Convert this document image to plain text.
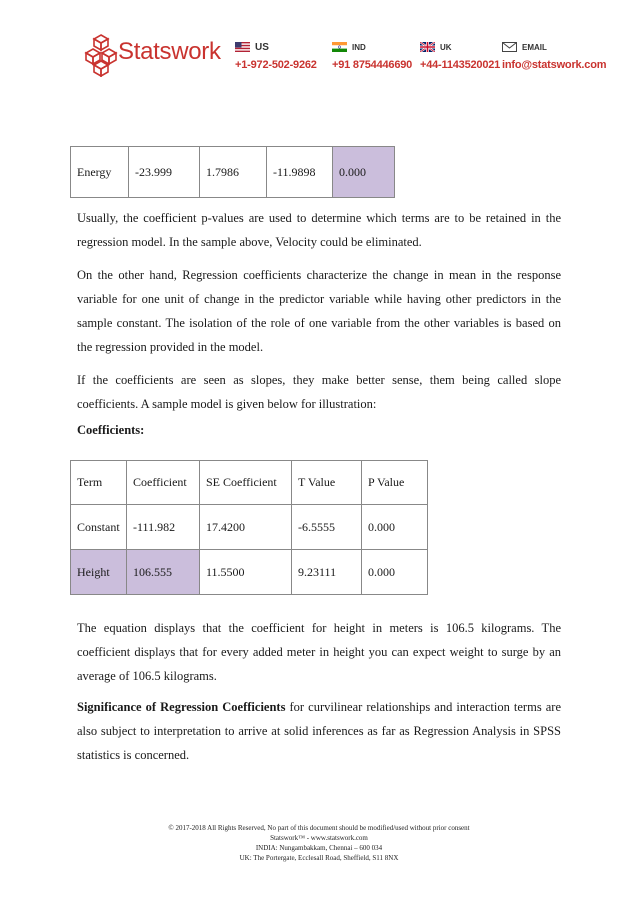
Statswork	US
+1-972-502-9262
IND
+91 8754446690
UK
+44-1143520021
EMAIL
info@statswork.com
Energy	-23.999	1.7986	-11.9898	0.000

Usually, the coefficient p-values are used to determine which terms are to be retained in the regression model. In the sample above, Velocity could be eliminated.

On the other hand, Regression coefficients characterize the change in mean in the response variable for one unit of change in the predictor variable while having other predictors in the sample constant. The isolation of the role of one variable from the other variables is based on the regression provided in the model.

If the coefficients are seen as slopes, they make better sense, them being called slope coefficients. A sample model is given below for illustration:

Coefficients:

Term	Coefficient	SE Coefficient	T Value	P Value
Constant	-111.982	17.4200	-6.5555	0.000
Height	106.555	11.5500	9.23111	0.000

The equation displays that the coefficient for height in meters is 106.5 kilograms. The coefficient displays that for every added meter in height you can expect weight to surge by an average of 106.5 kilograms.

Significance of Regression Coefficients for curvilinear relationships and interaction terms are also subject to interpretation to arrive at solid inferences as far as Regression Analysis in SPSS statistics is concerned.

© 2017-2018 All Rights Reserved, No part of this document should be modified/used without prior consent
Statswork™ - www.statswork.com
INDIA: Nungambakkam, Chennai – 600 034
UK: The Portergate, Ecclesall Road, Sheffield, S11 8NX
